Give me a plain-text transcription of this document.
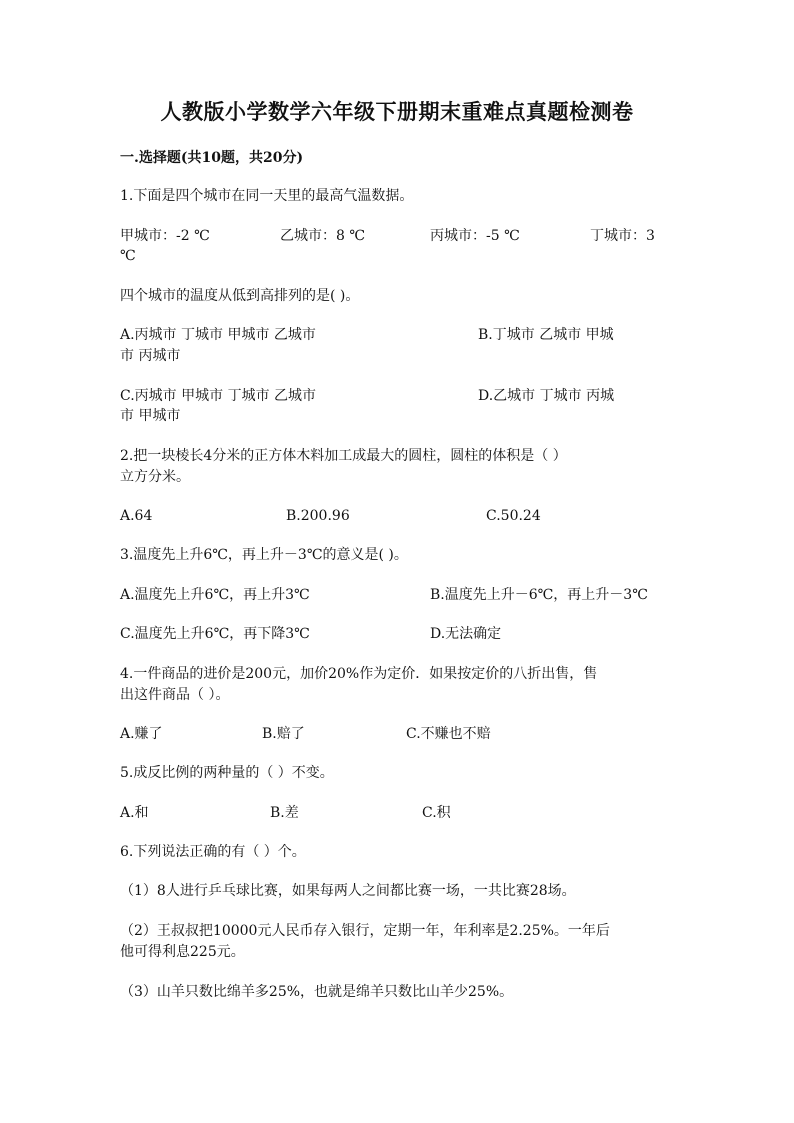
人教版小学数学六年级下册期末重难点真题检测卷
一.选择题(共10题，共20分)
1.下面是四个城市在同一天里的最高气温数据。
甲城市：-2 ℃	乙城市：8 ℃	丙城市：-5 ℃	丁城市：3
℃
四个城市的温度从低到高排列的是( )。
A.丙城市 丁城市 甲城市 乙城市	B.丁城市 乙城市 甲城
市 丙城市
C.丙城市 甲城市 丁城市 乙城市	D.乙城市 丁城市 丙城
市 甲城市
2.把一块棱长4分米的正方体木料加工成最大的圆柱，圆柱的体积是（ ）
立方分米。
A.64	B.200.96	C.50.24
3.温度先上升6℃，再上升－3℃的意义是( )。
A.温度先上升6℃，再上升3℃	B.温度先上升－6℃，再上升－3℃
C.温度先上升6℃，再下降3℃	D.无法确定
4.一件商品的进价是200元，加价20%作为定价．如果按定价的八折出售，售
出这件商品（ ）。
A.赚了	B.赔了	C.不赚也不赔
5.成反比例的两种量的（ ）不变。
A.和	B.差	C.积
6.下列说法正确的有（ ）个。
（1）8人进行乒乓球比赛，如果每两人之间都比赛一场，一共比赛28场。
（2）王叔叔把10000元人民币存入银行，定期一年，年利率是2.25%。一年后
他可得利息225元。
（3）山羊只数比绵羊多25%，也就是绵羊只数比山羊少25%。
